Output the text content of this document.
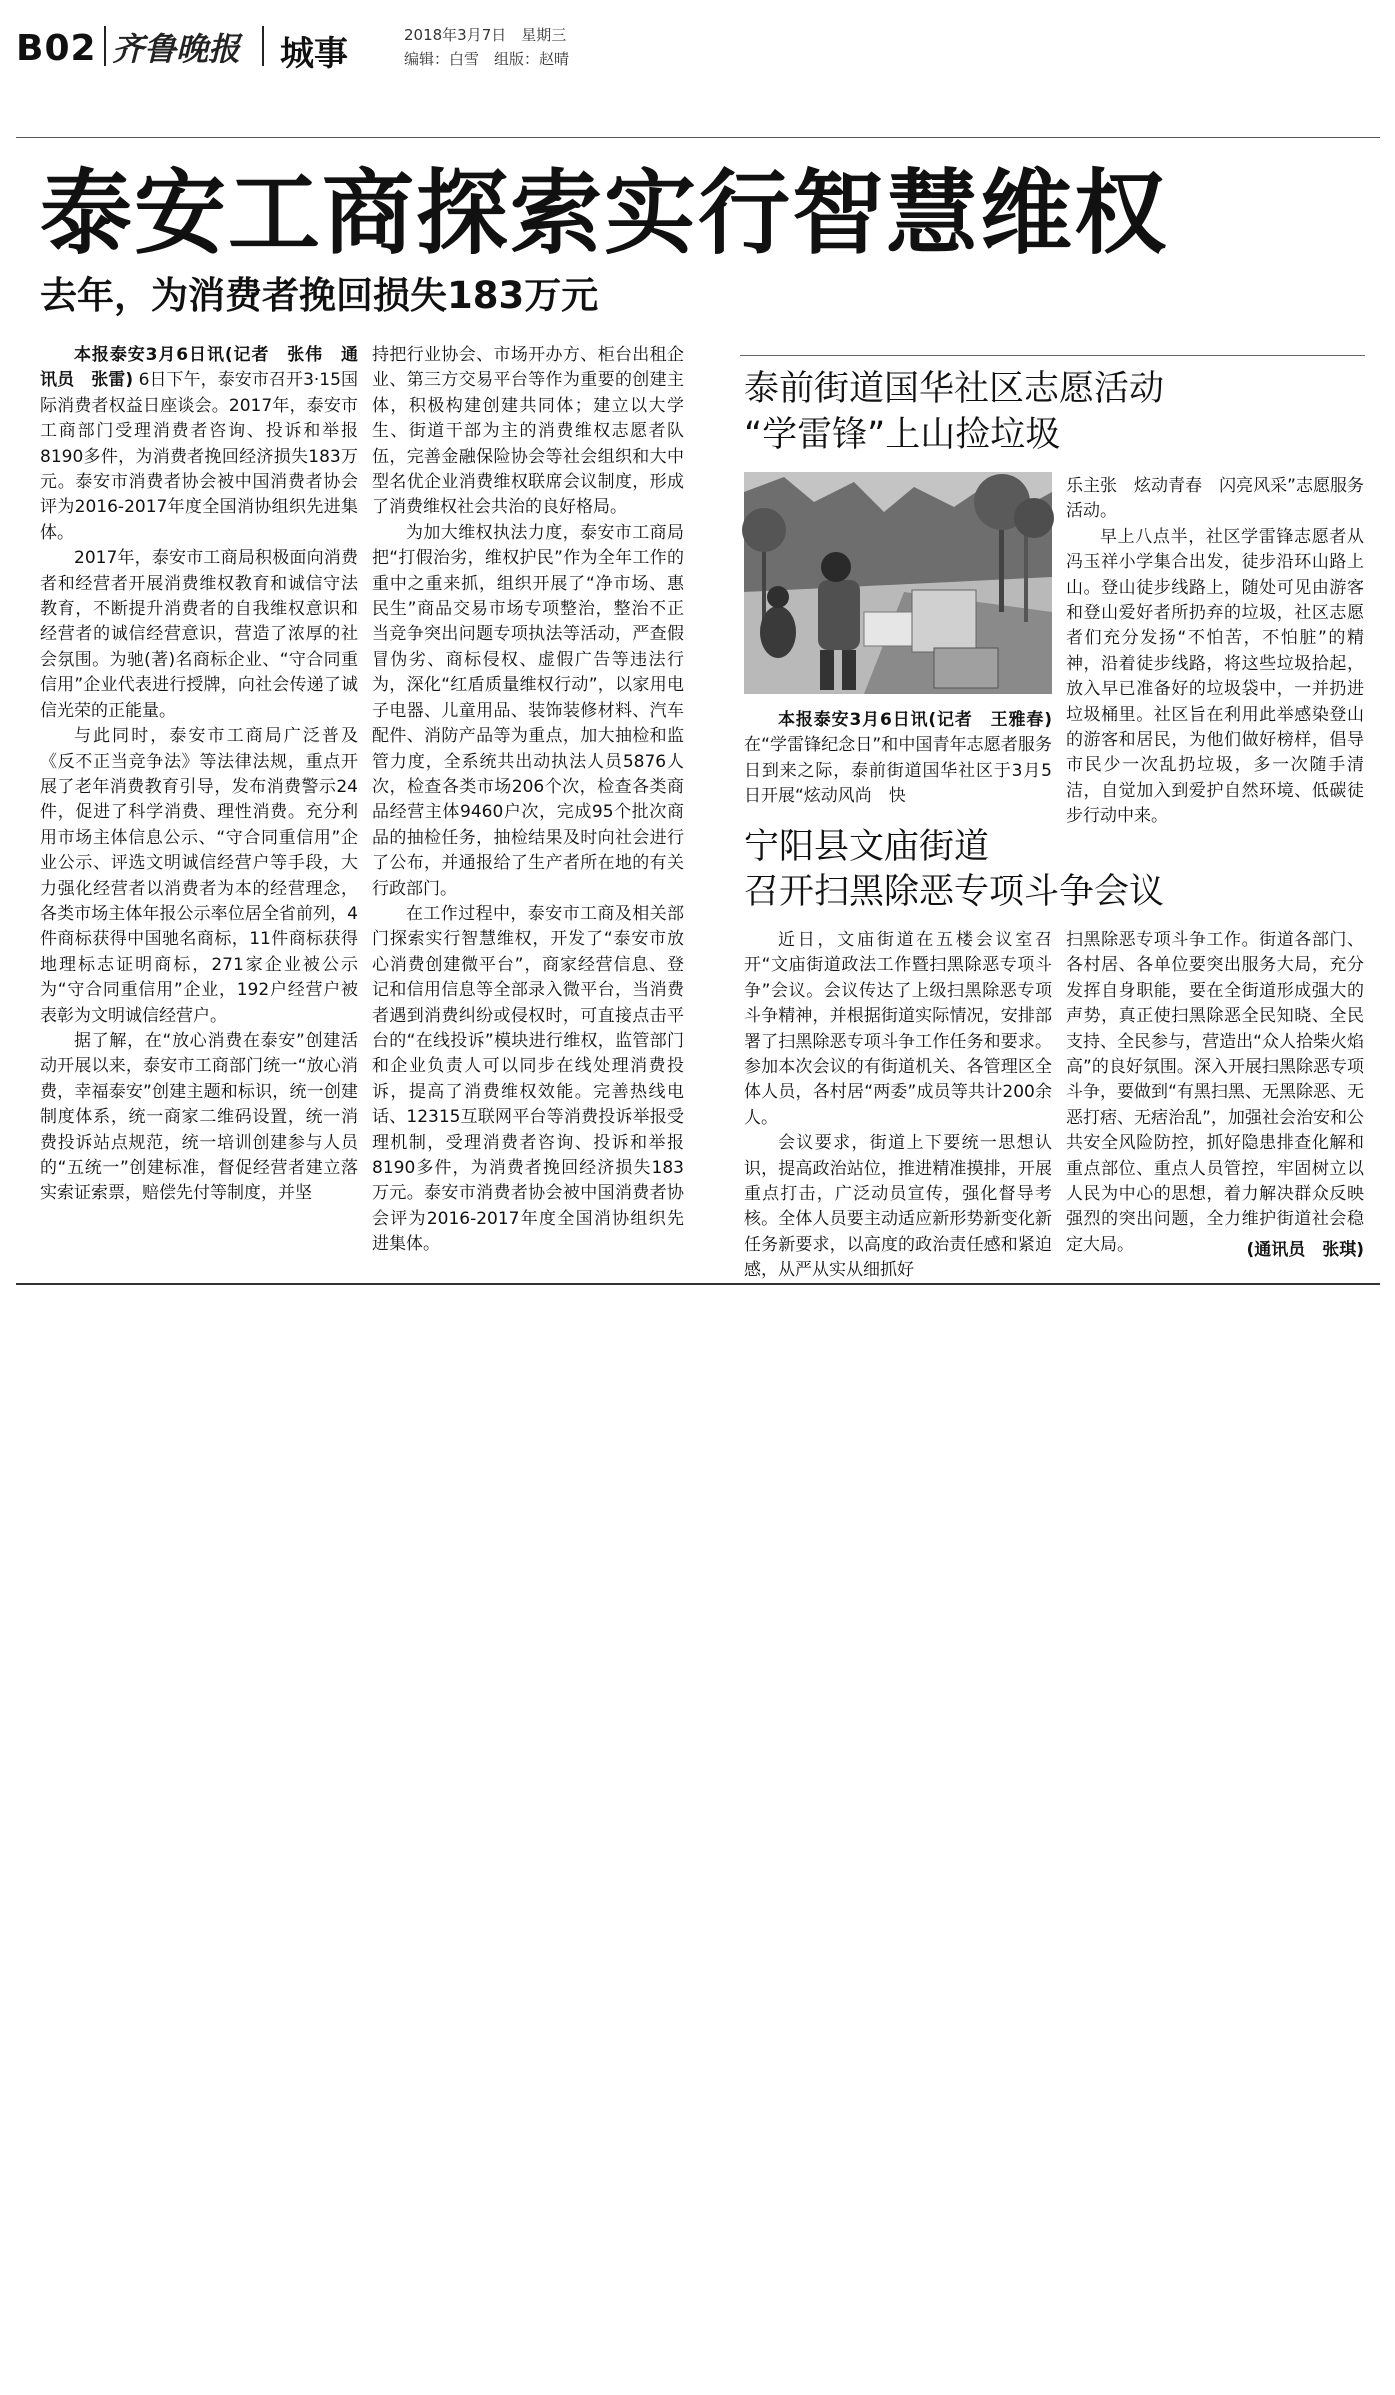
B02 齐鲁晚报 城事	2018年3月7日　星期三
编辑：白雪　组版：赵晴
泰安工商探索实行智慧维权
去年，为消费者挽回损失183万元

本报泰安3月6日讯(记者　张伟　通讯员　张雷) 6日下午，泰安市召开3·15国际消费者权益日座谈会。2017年，泰安市工商部门受理消费者咨询、投诉和举报8190多件，为消费者挽回经济损失183万元。泰安市消费者协会被中国消费者协会评为2016-2017年度全国消协组织先进集体。

2017年，泰安市工商局积极面向消费者和经营者开展消费维权教育和诚信守法教育，不断提升消费者的自我维权意识和经营者的诚信经营意识，营造了浓厚的社会氛围。为驰(著)名商标企业、“守合同重信用”企业代表进行授牌，向社会传递了诚信光荣的正能量。

与此同时，泰安市工商局广泛普及《反不正当竞争法》等法律法规，重点开展了老年消费教育引导，发布消费警示24件，促进了科学消费、理性消费。充分利用市场主体信息公示、“守合同重信用”企业公示、评选文明诚信经营户等手段，大力强化经营者以消费者为本的经营理念，各类市场主体年报公示率位居全省前列，4件商标获得中国驰名商标，11件商标获得地理标志证明商标，271家企业被公示为“守合同重信用”企业，192户经营户被表彰为文明诚信经营户。

据了解，在“放心消费在泰安”创建活动开展以来，泰安市工商部门统一“放心消费，幸福泰安”创建主题和标识，统一创建制度体系，统一商家二维码设置，统一消费投诉站点规范，统一培训创建参与人员的“五统一”创建标准，督促经营者建立落实索证索票，赔偿先付等制度，并坚

持把行业协会、市场开办方、柜台出租企业、第三方交易平台等作为重要的创建主体，积极构建创建共同体；建立以大学生、街道干部为主的消费维权志愿者队伍，完善金融保险协会等社会组织和大中型名优企业消费维权联席会议制度，形成了消费维权社会共治的良好格局。

为加大维权执法力度，泰安市工商局把“打假治劣，维权护民”作为全年工作的重中之重来抓，组织开展了“净市场、惠民生”商品交易市场专项整治，整治不正当竞争突出问题专项执法等活动，严查假冒伪劣、商标侵权、虚假广告等违法行为，深化“红盾质量维权行动”，以家用电子电器、儿童用品、装饰装修材料、汽车配件、消防产品等为重点，加大抽检和监管力度，全系统共出动执法人员5876人次，检查各类市场206个次，检查各类商品经营主体9460户次，完成95个批次商品的抽检任务，抽检结果及时向社会进行了公布，并通报给了生产者所在地的有关行政部门。

在工作过程中，泰安市工商及相关部门探索实行智慧维权，开发了“泰安市放心消费创建微平台”，商家经营信息、登记和信用信息等全部录入微平台，当消费者遇到消费纠纷或侵权时，可直接点击平台的“在线投诉”模块进行维权，监管部门和企业负责人可以同步在线处理消费投诉，提高了消费维权效能。完善热线电话、12315互联网平台等消费投诉举报受理机制，受理消费者咨询、投诉和举报8190多件，为消费者挽回经济损失183万元。泰安市消费者协会被中国消费者协会评为2016-2017年度全国消协组织先进集体。

泰前街道国华社区志愿活动
“学雷锋”上山捡垃圾

本报泰安3月6日讯(记者　王雅春) 在“学雷锋纪念日”和中国青年志愿者服务日到来之际，泰前街道国华社区于3月5日开展“炫动风尚　快

乐主张　炫动青春　闪亮风采”志愿服务活动。

早上八点半，社区学雷锋志愿者从冯玉祥小学集合出发，徒步沿环山路上山。登山徒步线路上，随处可见由游客和登山爱好者所扔弃的垃圾，社区志愿者们充分发扬“不怕苦，不怕脏”的精神，沿着徒步线路，将这些垃圾拾起，放入早已准备好的垃圾袋中，一并扔进垃圾桶里。社区旨在利用此举感染登山的游客和居民，为他们做好榜样，倡导市民少一次乱扔垃圾，多一次随手清洁，自觉加入到爱护自然环境、低碳徒步行动中来。

宁阳县文庙街道
召开扫黑除恶专项斗争会议

近日，文庙街道在五楼会议室召开“文庙街道政法工作暨扫黑除恶专项斗争”会议。会议传达了上级扫黑除恶专项斗争精神，并根据街道实际情况，安排部署了扫黑除恶专项斗争工作任务和要求。参加本次会议的有街道机关、各管理区全体人员，各村居“两委”成员等共计200余人。

会议要求，街道上下要统一思想认识，提高政治站位，推进精准摸排，开展重点打击，广泛动员宣传，强化督导考核。全体人员要主动适应新形势新变化新任务新要求，以高度的政治责任感和紧迫感，从严从实从细抓好

扫黑除恶专项斗争工作。街道各部门、各村居、各单位要突出服务大局，充分发挥自身职能，要在全街道形成强大的声势，真正使扫黑除恶全民知晓、全民支持、全民参与，营造出“众人拾柴火焰高”的良好氛围。深入开展扫黑除恶专项斗争，要做到“有黑扫黑、无黑除恶、无恶打痞、无痞治乱”，加强社会治安和公共安全风险防控，抓好隐患排查化解和重点部位、重点人员管控，牢固树立以人民为中心的思想，着力解决群众反映强烈的突出问题，全力维护街道社会稳定大局。	(通讯员　张琪)
